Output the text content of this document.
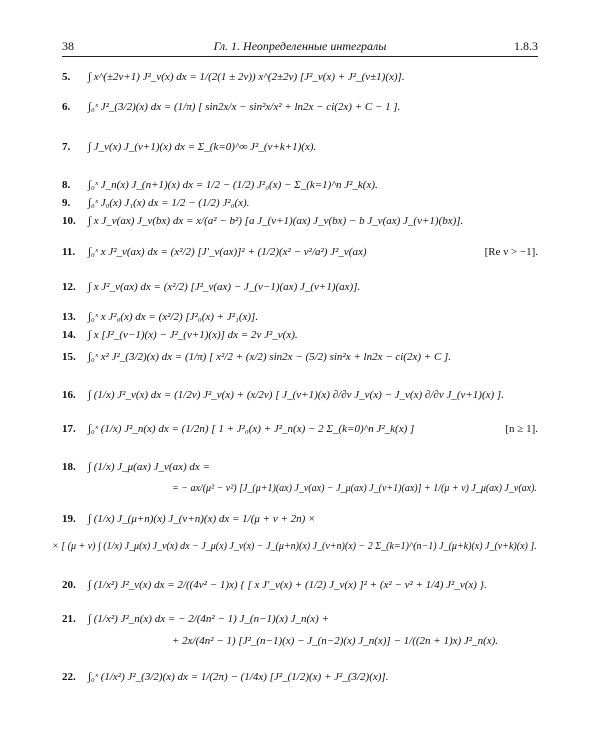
38	Гл. 1. Неопределенные интегралы	1.8.3
5. ∫ x^(±2ν+1) J²_ν(x) dx = 1/(2(1 ± 2ν)) x^(2±2ν) [J²_ν(x) + J²_(ν±1)(x)].
6. ∫₀ˣ J²_(3/2)(x) dx = (1/π) [ sin2x/x − sin²x/x² + ln2x − ci(2x) + C − 1 ].
7. ∫ J_ν(x) J_(ν+1)(x) dx = Σ_(k=0)^∞ J²_(ν+k+1)(x).
8. ∫₀ˣ J_n(x) J_(n+1)(x) dx = 1/2 − (1/2) J²₀(x) − Σ_(k=1)^n J²_k(x).
9. ∫₀ˣ J₀(x) J₁(x) dx = 1/2 − (1/2) J²₀(x).
10. ∫ x J_ν(ax) J_ν(bx) dx = x/(a² − b²) [a J_(ν+1)(ax) J_ν(bx) − b J_ν(ax) J_(ν+1)(bx)].
11. ∫₀ˣ x J²_ν(ax) dx = (x²/2) [J′_ν(ax)]² + (1/2)(x² − ν²/a²) J²_ν(ax)	[Re ν > −1].
12. ∫ x J²_ν(ax) dx = (x²/2) [J²_ν(ax) − J_(ν−1)(ax) J_(ν+1)(ax)].
13. ∫₀ˣ x J²₀(x) dx = (x²/2) [J²₀(x) + J²₁(x)].
14. ∫ x [J²_(ν−1)(x) − J²_(ν+1)(x)] dx = 2ν J²_ν(x).
15. ∫₀ˣ x² J²_(3/2)(x) dx = (1/π) [ x²/2 + (x/2) sin2x − (5/2) sin²x + ln2x − ci(2x) + C ].
16. ∫ (1/x) J²_ν(x) dx = (1/2ν) J²_ν(x) + (x/2ν) [ J_(ν+1)(x) ∂/∂ν J_ν(x) − J_ν(x) ∂/∂ν J_(ν+1)(x) ].
17. ∫₀ˣ (1/x) J²_n(x) dx = (1/2n) [ 1 + J²₀(x) + J²_n(x) − 2 Σ_(k=0)^n J²_k(x) ]	[n ≥ 1].
18. ∫ (1/x) J_μ(ax) J_ν(ax) dx =
= − ax/(μ² − ν²) [J_(μ+1)(ax) J_ν(ax) − J_μ(ax) J_(ν+1)(ax)] + 1/(μ + ν) J_μ(ax) J_ν(ax).
19. ∫ (1/x) J_(μ+n)(x) J_(ν+n)(x) dx = 1/(μ + ν + 2n) ×
× [ (μ + ν) ∫ (1/x) J_μ(x) J_ν(x) dx − J_μ(x) J_ν(x) − J_(μ+n)(x) J_(ν+n)(x) − 2 Σ_(k=1)^(n−1) J_(μ+k)(x) J_(ν+k)(x) ].
20. ∫ (1/x²) J²_ν(x) dx = 2/((4ν² − 1)x) { [ x J′_ν(x) + (1/2) J_ν(x) ]² + (x² − ν² + 1/4) J²_ν(x) }.
21. ∫ (1/x²) J²_n(x) dx = − 2/(4n² − 1) J_(n−1)(x) J_n(x) +
+ 2x/(4n² − 1) [J²_(n−1)(x) − J_(n−2)(x) J_n(x)] − 1/((2n + 1)x) J²_n(x).
22. ∫₀ˣ (1/x²) J²_(3/2)(x) dx = 1/(2π) − (1/4x) [J²_(1/2)(x) + J²_(3/2)(x)].
